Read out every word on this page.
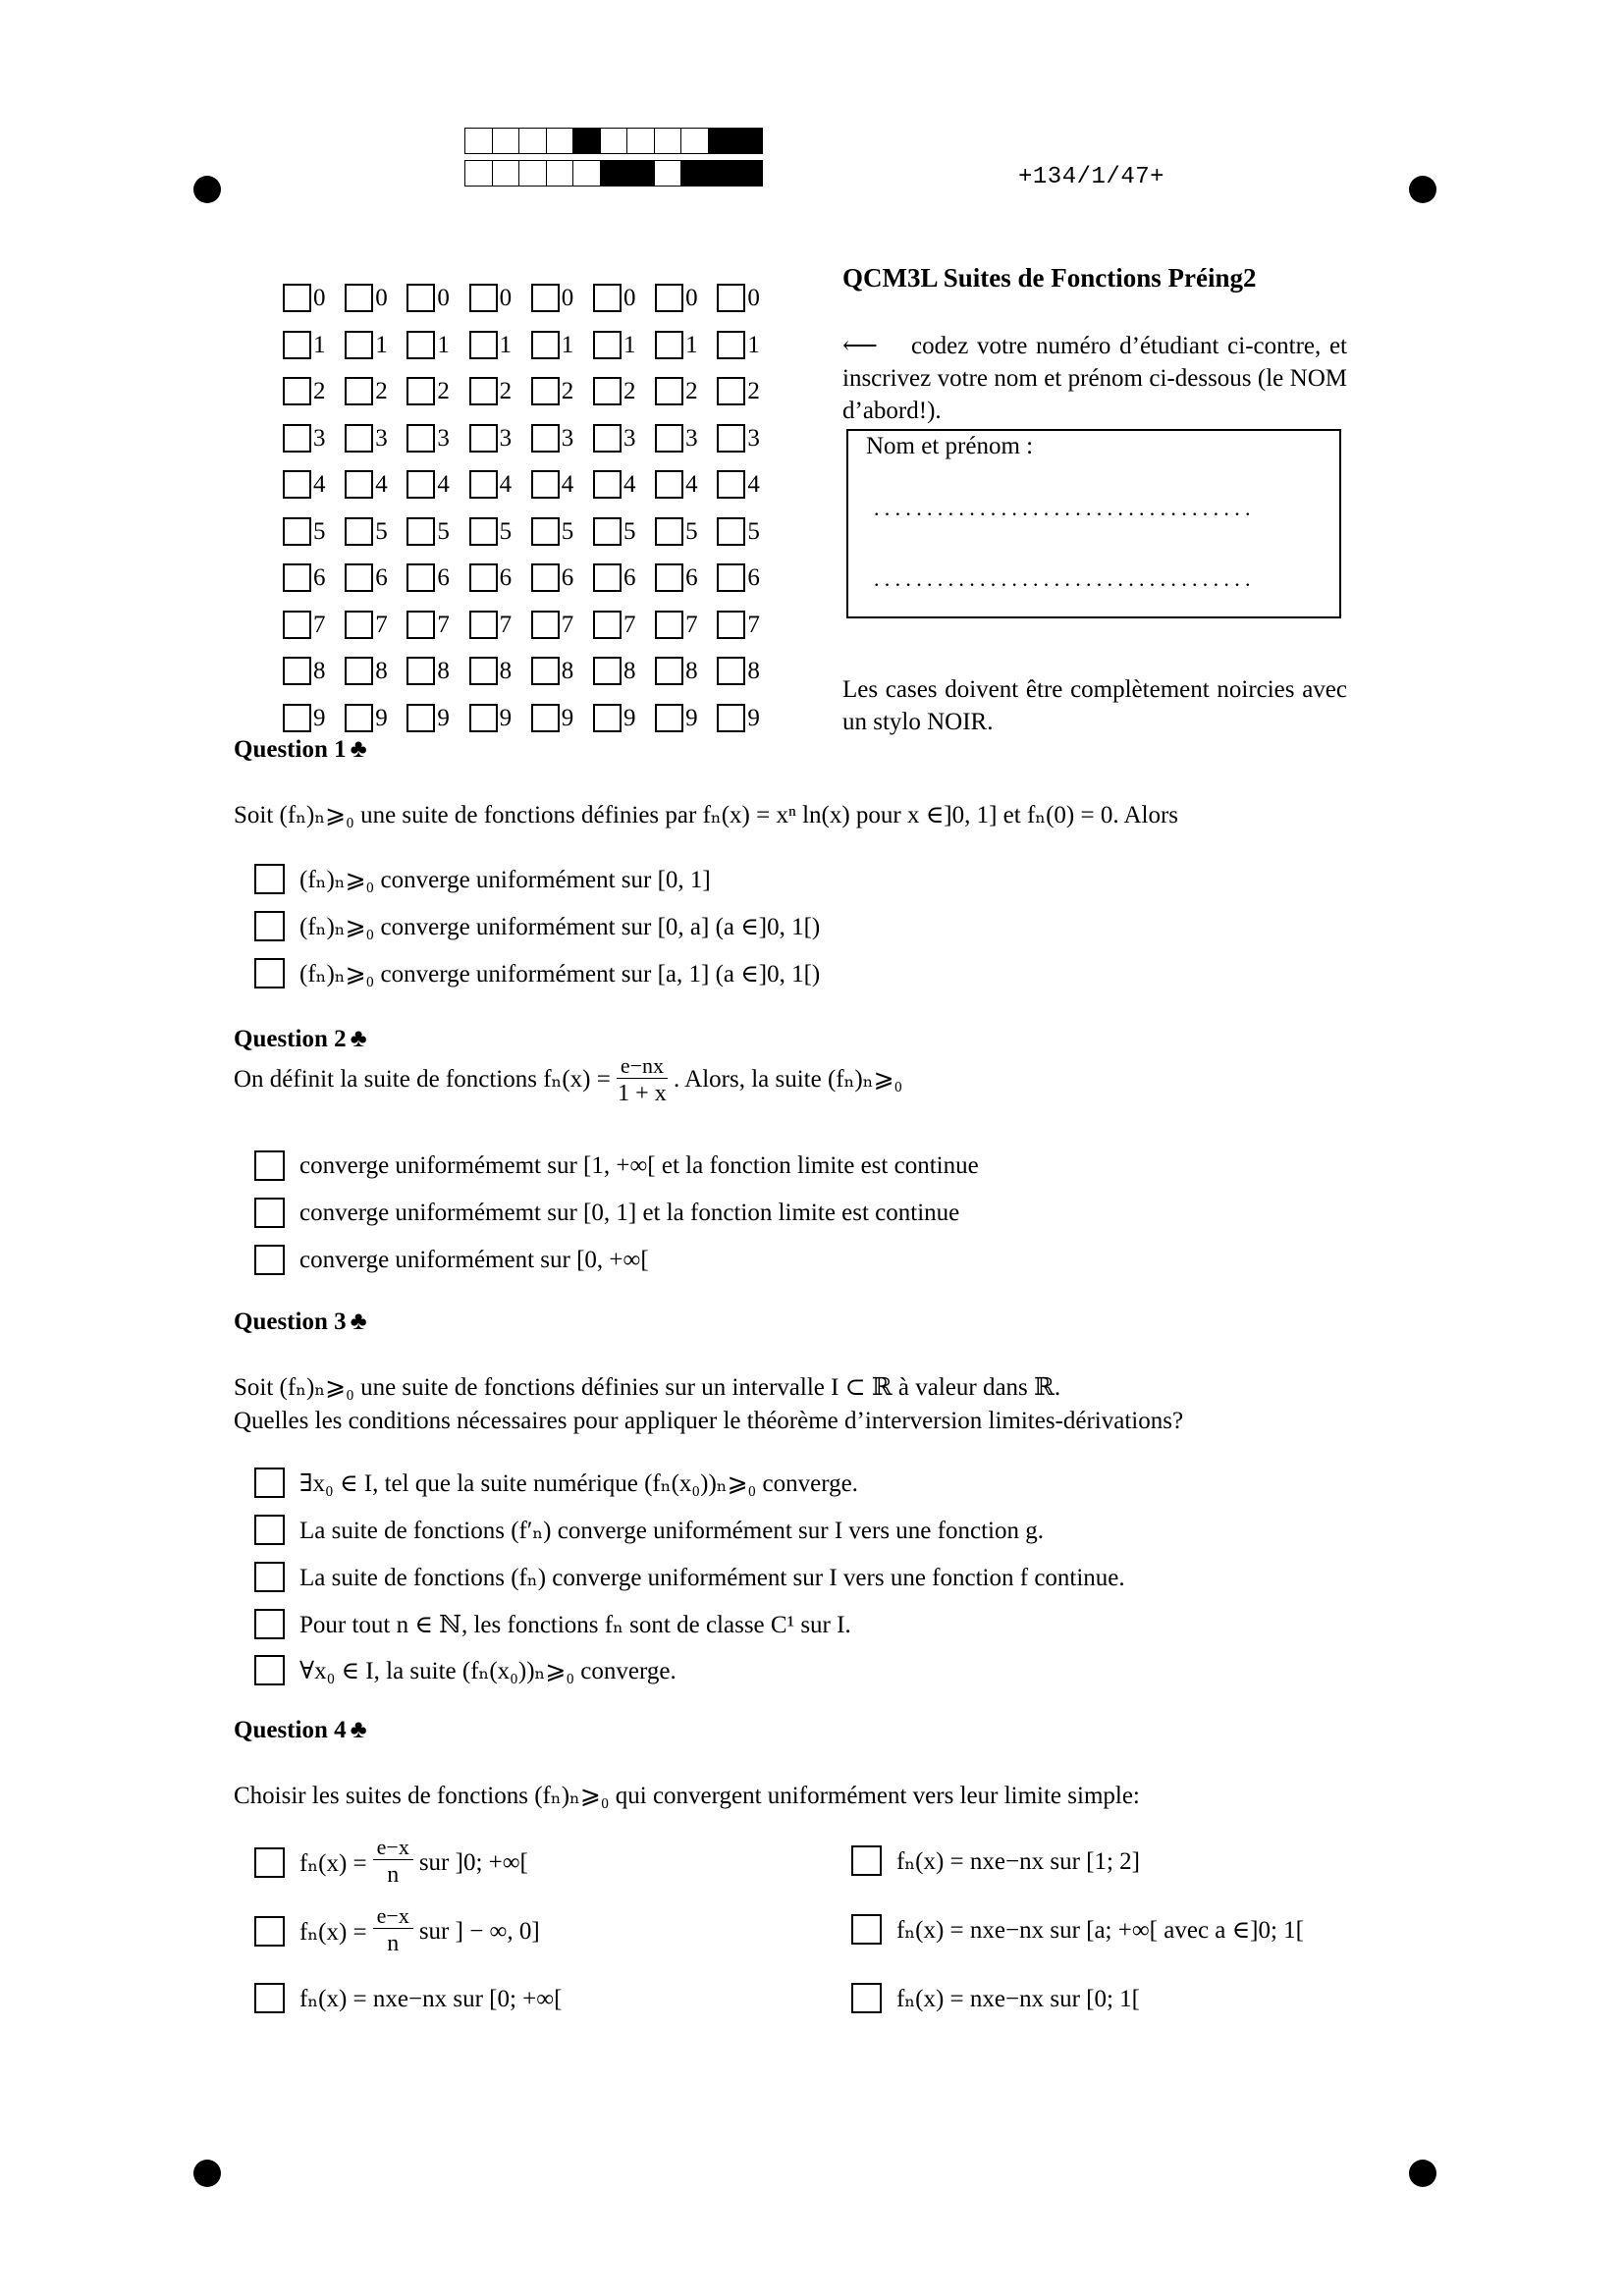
+134/1/47+
0 0 0 0 0 0 0 0
1 1 1 1 1 1 1 1
2 2 2 2 2 2 2 2
3 3 3 3 3 3 3 3
4 4 4 4 4 4 4 4
5 5 5 5 5 5 5 5
6 6 6 6 6 6 6 6
7 7 7 7 7 7 7 7
8 8 8 8 8 8 8 8
9 9 9 9 9 9 9 9
QCM3L Suites de Fonctions Préing2
⟵ codez votre numéro d’étudiant ci-contre, et inscrivez votre nom et prénom ci-dessous (le NOM d’abord!).
Nom et prénom :
....................................
....................................
Les cases doivent être complètement noircies avec un stylo NOIR.
Question 1 ♣
Soit (fₙ)ₙ⩾₀ une suite de fonctions définies par fₙ(x) = xⁿ ln(x) pour x ∈]0, 1] et fₙ(0) = 0. Alors
(fₙ)ₙ⩾₀ converge uniformément sur [0, 1]
(fₙ)ₙ⩾₀ converge uniformément sur [0, a] (a ∈]0, 1[)
(fₙ)ₙ⩾₀ converge uniformément sur [a, 1] (a ∈]0, 1[)
Question 2 ♣
On définit la suite de fonctions $f_n(x) = \frac{e-nx}{1 + x}$ . Alors, la suite (fₙ)ₙ⩾₀
converge uniformémemt sur [1, +∞[ et la fonction limite est continue
converge uniformémemt sur [0, 1] et la fonction limite est continue
converge uniformément sur [0, +∞[
Question 3 ♣
Soit (fₙ)ₙ⩾₀ une suite de fonctions définies sur un intervalle I ⊂ ℝ à valeur dans ℝ.
Quelles les conditions nécessaires pour appliquer le théorème d’interversion limites-dérivations?
∃x₀ ∈ I, tel que la suite numérique (fₙ(x₀))ₙ⩾₀ converge.
La suite de fonctions (f′ₙ) converge uniformément sur I vers une fonction g.
La suite de fonctions (fₙ) converge uniformément sur I vers une fonction f continue.
Pour tout n ∈ ℕ, les fonctions fₙ sont de classe C¹ sur I.
∀x₀ ∈ I, la suite (fₙ(x₀))ₙ⩾₀ converge.
Question 4 ♣
Choisir les suites de fonctions (fₙ)ₙ⩾₀ qui convergent uniformément vers leur limite simple:
$f_n(x) = \frac{e-x}{n}$ sur ]0; +∞[
$f_n(x) = \frac{e-x}{n}$ sur ] − ∞, 0]
fₙ(x) = nxe−nx sur [0; +∞[
fₙ(x) = nxe−nx sur [1; 2]
fₙ(x) = nxe−nx sur [a; +∞[ avec a ∈]0; 1[
fₙ(x) = nxe−nx sur [0; 1[
